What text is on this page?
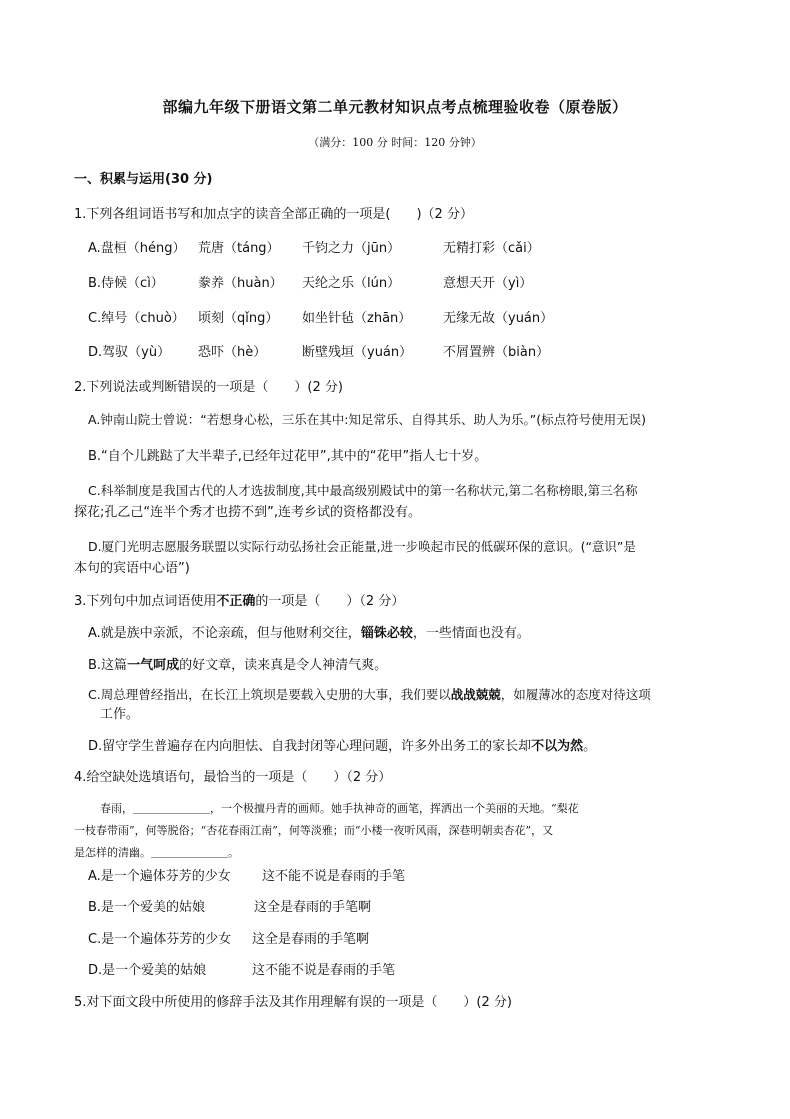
部编九年级下册语文第二单元教材知识点考点梳理验收卷（原卷版）
（满分：100 分 时间：120 分钟）
一、积累与运用(30 分)
1.下列各组词语书写和加点字的读音全部正确的一项是(　　)（2 分）
A.盘桓（héng） 荒唐（táng） 千钧之力（jūn）	无精打彩（cǎi）
B.侍候（cì）	豢养（huàn） 天纶之乐（lún）	意想天开（yì）
C.绰号（chuò） 顷刻（qǐng） 如坐针毡（zhān） 无缘无故（yuán）
D.驾驭（yù） 恐吓（hè）	断壁残垣（yuán） 不屑置辨（biàn）
2.下列说法或判断错误的一项是（　　）(2 分)
A.钟南山院士曾说：“若想身心松，三乐在其中:知足常乐、自得其乐、助人为乐。”(标点符号使用无误)
B.“自个儿跳跶了大半辈子,已经年过花甲”,其中的“花甲”指人七十岁。
C.科举制度是我国古代的人才选拔制度,其中最高级别殿试中的第一名称状元,第二名称榜眼,第三名称
探花;孔乙己“连半个秀才也捞不到”,连考乡试的资格都没有。
D.厦门光明志愿服务联盟以实际行动弘扬社会正能量,进一步唤起市民的低碳环保的意识。(“意识”是
本句的宾语中心语”)
3.下列句中加点词语使用不正确的一项是（　　）（2 分）
A.就是族中亲派，不论亲疏，但与他财利交往，锱铢必较，一些情面也没有。
B.这篇一气呵成的好文章，读来真是令人神清气爽。
C.周总理曾经指出，在长江上筑坝是要载入史册的大事，我们要以战战兢兢，如履薄冰的态度对待这项
工作。
D.留守学生普遍存在内向胆怯、自我封闭等心理问题，许多外出务工的家长却不以为然。
4.给空缺处选填语句，最恰当的一项是（　　）（2 分）
春雨，＿＿＿＿＿＿＿，一个极擅丹青的画师。她手执神奇的画笔，挥洒出一个美丽的天地。“梨花
一枝春带雨”，何等脱俗；“杏花春雨江南”，何等淡雅；而“小楼一夜听风雨，深巷明朝卖杏花”，又
是怎样的清幽。＿＿＿＿＿＿＿。
A.是一个遍体芬芳的少女 这不能不说是春雨的手笔
B.是一个爱美的姑娘	这全是春雨的手笔啊
C.是一个遍体芬芳的少女 这全是春雨的手笔啊
D.是一个爱美的姑娘	这不能不说是春雨的手笔
5.对下面文段中所使用的修辞手法及其作用理解有误的一项是（　　）(2 分)
